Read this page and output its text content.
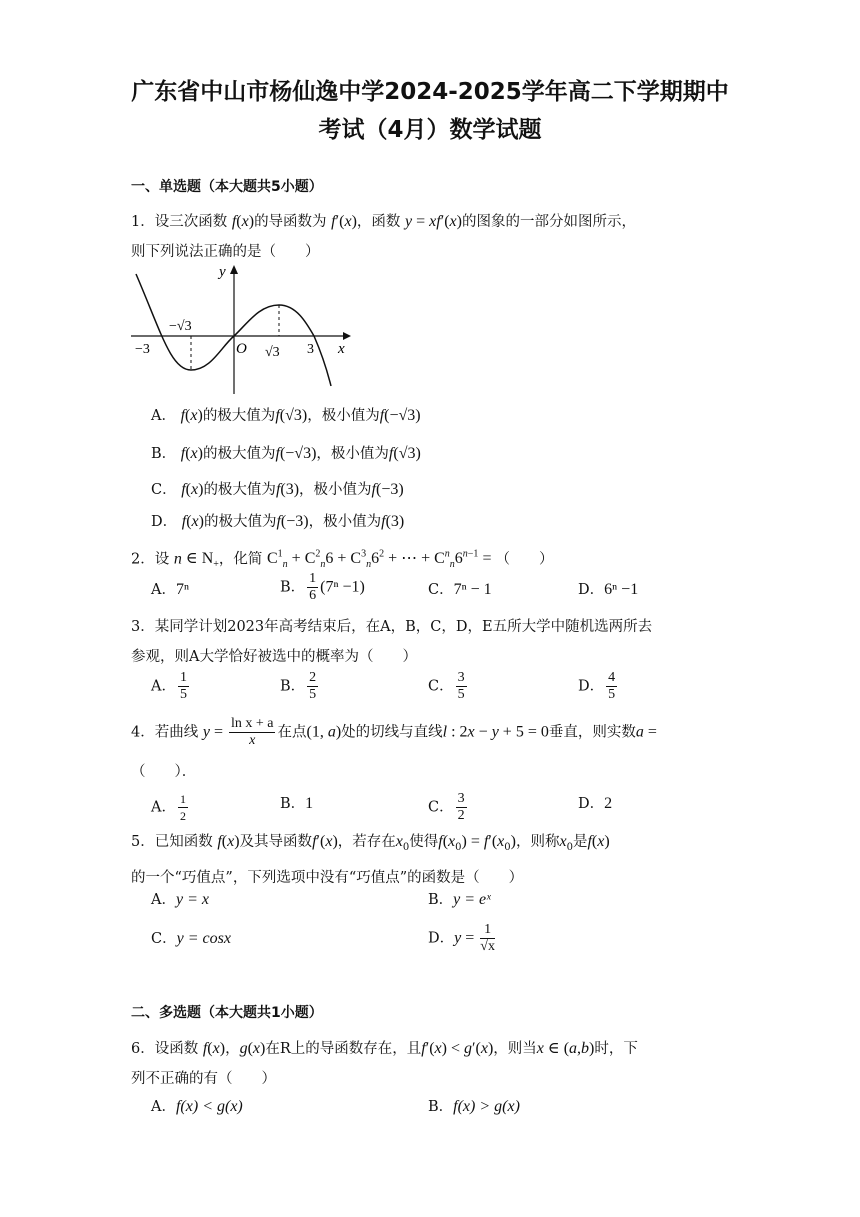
广东省中山市杨仙逸中学2024-2025学年高二下学期期中
考试（4月）数学试题
一、单选题（本大题共5小题）
1．设三次函数 f(x)的导函数为 f′(x)，函数 y = xf′(x)的图象的一部分如图所示，
则下列说法正确的是（　　）
y
x
O
−3	3
−√3
√3
A． f(x)的极大值为f(√3)，极小值为f(−√3)
B． f(x)的极大值为f(−√3)，极小值为f(√3)
C． f(x)的极大值为f(3)，极小值为f(−3)
D． f(x)的极大值为f(−3)，极小值为f(3)
2．设 n ∈ $N_+$，化简 $C^1_n + C^2_n6 + C^3_n6^2$ + ⋯ + $C^n_n6^{n-1}$ = （　　）
A．7ⁿ	B． $\frac{1}{6} (7^n -1)$	C．7ⁿ − 1	D．6ⁿ −1
3．某同学计划2023年高考结束后，在A，B，C，D，E五所大学中随机选两所去
参观，则A大学恰好被选中的概率为（　　）
A． $\frac{1}{5}$	B． $\frac{2}{5}$	C． $\frac{3}{5}$	D． $\frac{4}{5}$
4．若曲线 $y = \frac{\text{ln x + a}}{x}$ 在点(1, a)处的切线与直线l : 2x − y + 5 = 0垂直，则实数a =
（　　）．
A． $\frac{1}{2}$	B．1	C． $\frac{3}{2}$	D．2
5．已知函数 f(x)及其导函数f′(x)，若存在$x_0$使得$f(x_0) = f'(x_0)$，则称$x_0$是f(x)
的一个“巧值点”，下列选项中没有“巧值点”的函数是（　　）
A．y = x	B．y = eˣ
C．y = cosx	D．$y = \frac{1}{√x}$
二、多选题（本大题共1小题）
6．设函数 f(x)，g(x)在R上的导函数存在，且f′(x) < g′(x)，则当x ∈ (a,b)时，下
列不正确的有（　　）
A．f(x) < g(x)	B．f(x) > g(x)
